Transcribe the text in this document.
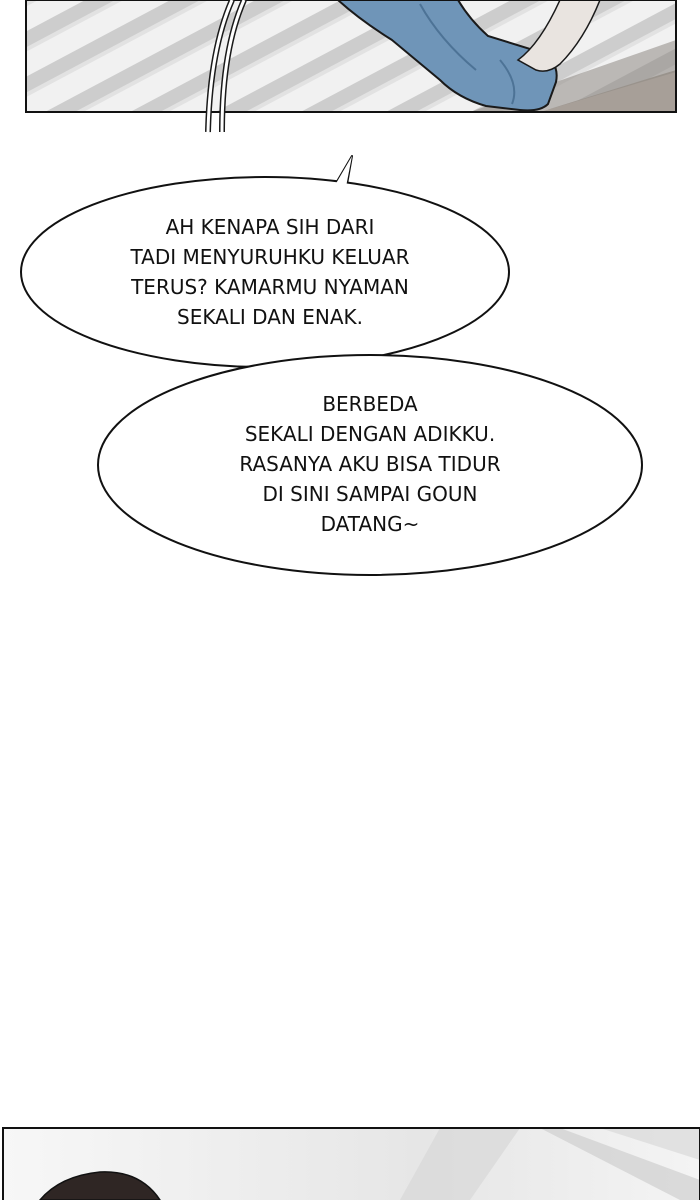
AH KENAPA SIH DARI
TADI MENYURUHKU KELUAR
TERUS? KAMARMU NYAMAN
SEKALI DAN ENAK.

BERBEDA
SEKALI DENGAN ADIKKU.
RASANYA AKU BISA TIDUR
DI SINI SAMPAI GOUN
DATANG~
